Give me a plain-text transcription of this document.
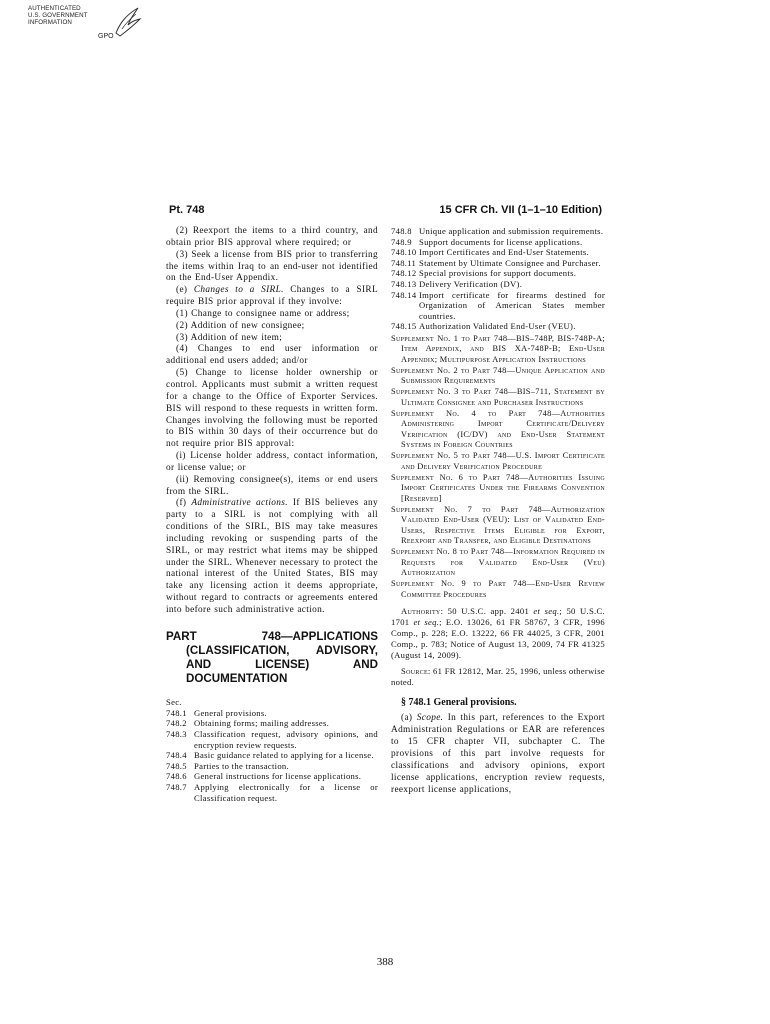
AUTHENTICATED
U.S. GOVERNMENT
INFORMATION
GPO
Pt. 748	15 CFR Ch. VII (1–1–10 Edition)

(2) Reexport the items to a third country, and obtain prior BIS approval where required; or

(3) Seek a license from BIS prior to transferring the items within Iraq to an end-user not identified on the End-User Appendix.

(e) Changes to a SIRL. Changes to a SIRL require BIS prior approval if they involve:

(1) Change to consignee name or address;

(2) Addition of new consignee;

(3) Addition of new item;

(4) Changes to end user information or additional end users added; and/or

(5) Change to license holder ownership or control. Applicants must submit a written request for a change to the Office of Exporter Services. BIS will respond to these requests in written form. Changes involving the following must be reported to BIS within 30 days of their occurrence but do not require prior BIS approval:

(i) License holder address, contact information, or license value; or

(ii) Removing consignee(s), items or end users from the SIRL.

(f) Administrative actions. If BIS believes any party to a SIRL is not complying with all conditions of the SIRL, BIS may take measures including revoking or suspending parts of the SIRL, or may restrict what items may be shipped under the SIRL. Whenever necessary to protect the national interest of the United States, BIS may take any licensing action it deems appropriate, without regard to contracts or agreements entered into before such administrative action.

PART 748—APPLICATIONS (CLASSIFICATION, ADVISORY, AND LICENSE) AND DOCUMENTATION

Sec.

748.1 General provisions.
748.2 Obtaining forms; mailing addresses.
748.3 Classification request, advisory opinions, and encryption review requests.
748.4 Basic guidance related to applying for a license.
748.5 Parties to the transaction.
748.6 General instructions for license applications.
748.7 Applying electronically for a license or Classification request.
748.8 Unique application and submission requirements.
748.9 Support documents for license applications.
748.10 Import Certificates and End-User Statements.
748.11 Statement by Ultimate Consignee and Purchaser.
748.12 Special provisions for support documents.
748.13 Delivery Verification (DV).
748.14 Import certificate for firearms destined for Organization of American States member countries.
748.15 Authorization Validated End-User (VEU).
Supplement No. 1 to Part 748—BIS–748P, BIS-748P-A; Item Appendix, and BIS XA-748P-B; End-User Appendix; Multipurpose Application Instructions
Supplement No. 2 to Part 748—Unique Application and Submission Requirements
Supplement No. 3 to Part 748—BIS–711, Statement by Ultimate Consignee and Purchaser Instructions
Supplement No. 4 to Part 748—Authorities Administering Import Certificate/Delivery Verification (IC/DV) and End-User Statement Systems in Foreign Countries
Supplement No. 5 to Part 748—U.S. Import Certificate and Delivery Verification Procedure
Supplement No. 6 to Part 748—Authorities Issuing Import Certificates Under the Firearms Convention [Reserved]
Supplement No. 7 to Part 748—Authorization Validated End-User (VEU): List of Validated End-Users, Respective Items Eligible for Export, Reexport and Transfer, and Eligible Destinations
Supplement No. 8 to Part 748—Information Required in Requests for Validated End-User (Veu) Authorization
Supplement No. 9 to Part 748—End-User Review Committee Procedures

Authority: 50 U.S.C. app. 2401 et seq.; 50 U.S.C. 1701 et seq.; E.O. 13026, 61 FR 58767, 3 CFR, 1996 Comp., p. 228; E.O. 13222, 66 FR 44025, 3 CFR, 2001 Comp., p. 783; Notice of August 13, 2009, 74 FR 41325 (August 14, 2009).

Source: 61 FR 12812, Mar. 25, 1996, unless otherwise noted.

§ 748.1 General provisions.

(a) Scope. In this part, references to the Export Administration Regulations or EAR are references to 15 CFR chapter VII, subchapter C. The provisions of this part involve requests for classifications and advisory opinions, export license applications, encryption review requests, reexport license applications,

388
